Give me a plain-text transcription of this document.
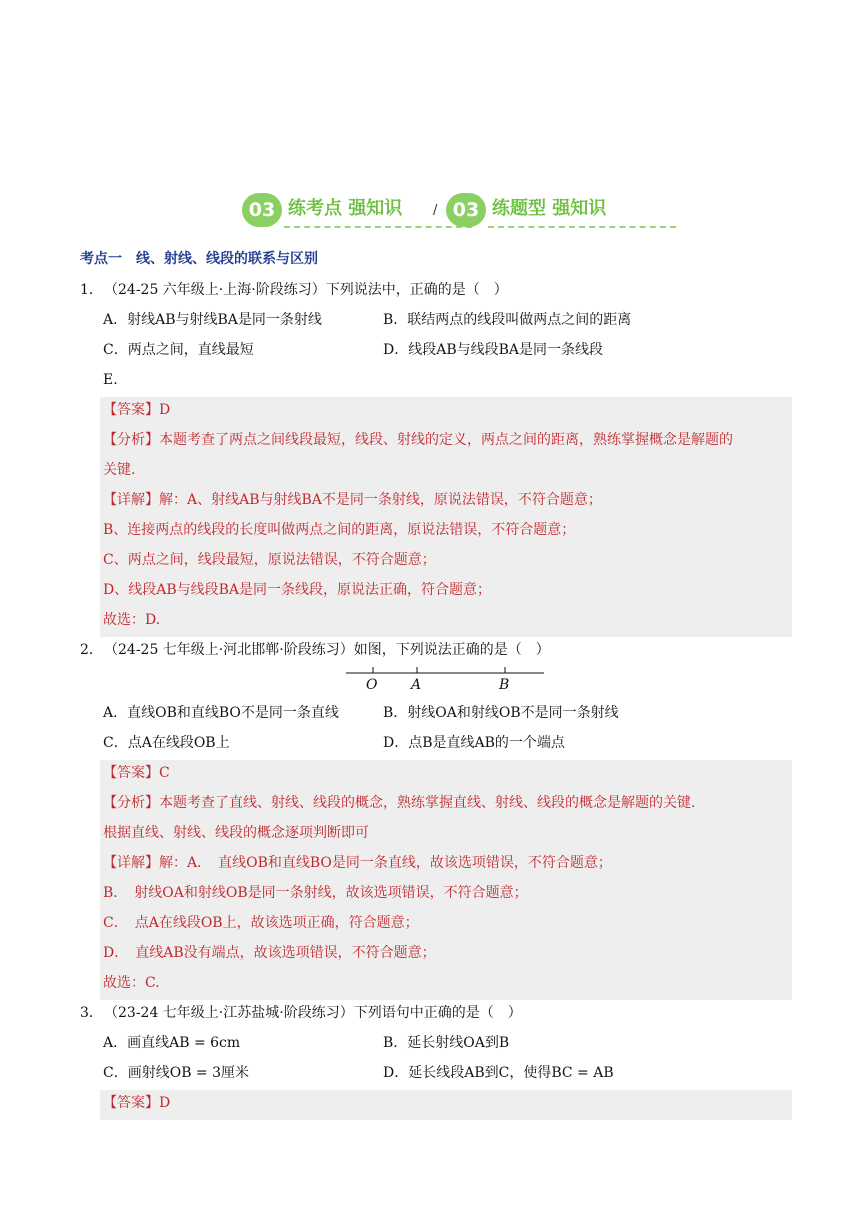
03 练考点 强知识 / 03 练题型 强知识
考点一　线、射线、线段的联系与区别
1．（24-25 六年级上·上海·阶段练习）下列说法中，正确的是（　）
A．射线AB与射线BA是同一条射线	B．联结两点的线段叫做两点之间的距离
C．两点之间，直线最短	D．线段AB与线段BA是同一条线段
E.
【答案】D
【分析】本题考查了两点之间线段最短，线段、射线的定义，两点之间的距离，熟练掌握概念是解题的
关键.
【详解】解：A、射线AB与射线BA不是同一条射线，原说法错误，不符合题意；
B、连接两点的线段的长度叫做两点之间的距离，原说法错误，不符合题意；
C、两点之间，线段最短，原说法错误，不符合题意；
D、线段AB与线段BA是同一条线段，原说法正确，符合题意；
故选：D.
2．（24-25 七年级上·河北邯郸·阶段练习）如图，下列说法正确的是（　）
O A	B
A．直线OB和直线BO不是同一条直线	B．射线OA和射线OB不是同一条射线
C．点A在线段OB上	D．点B是直线AB的一个端点
【答案】C
【分析】本题考查了直线、射线、线段的概念，熟练掌握直线、射线、线段的概念是解题的关键.
根据直线、射线、线段的概念逐项判断即可
【详解】解：A．　直线OB和直线BO是同一条直线，故该选项错误，不符合题意；
B．　射线OA和射线OB是同一条射线，故该选项错误，不符合题意；
C．　点A在线段OB上，故该选项正确，符合题意；
D．　直线AB没有端点，故该选项错误，不符合题意；
故选：C.
3．（23-24 七年级上·江苏盐城·阶段练习）下列语句中正确的是（　）
A．画直线AB = 6cm	B．延长射线OA到B
C．画射线OB = 3厘米	D．延长线段AB到C，使得BC = AB
【答案】D
